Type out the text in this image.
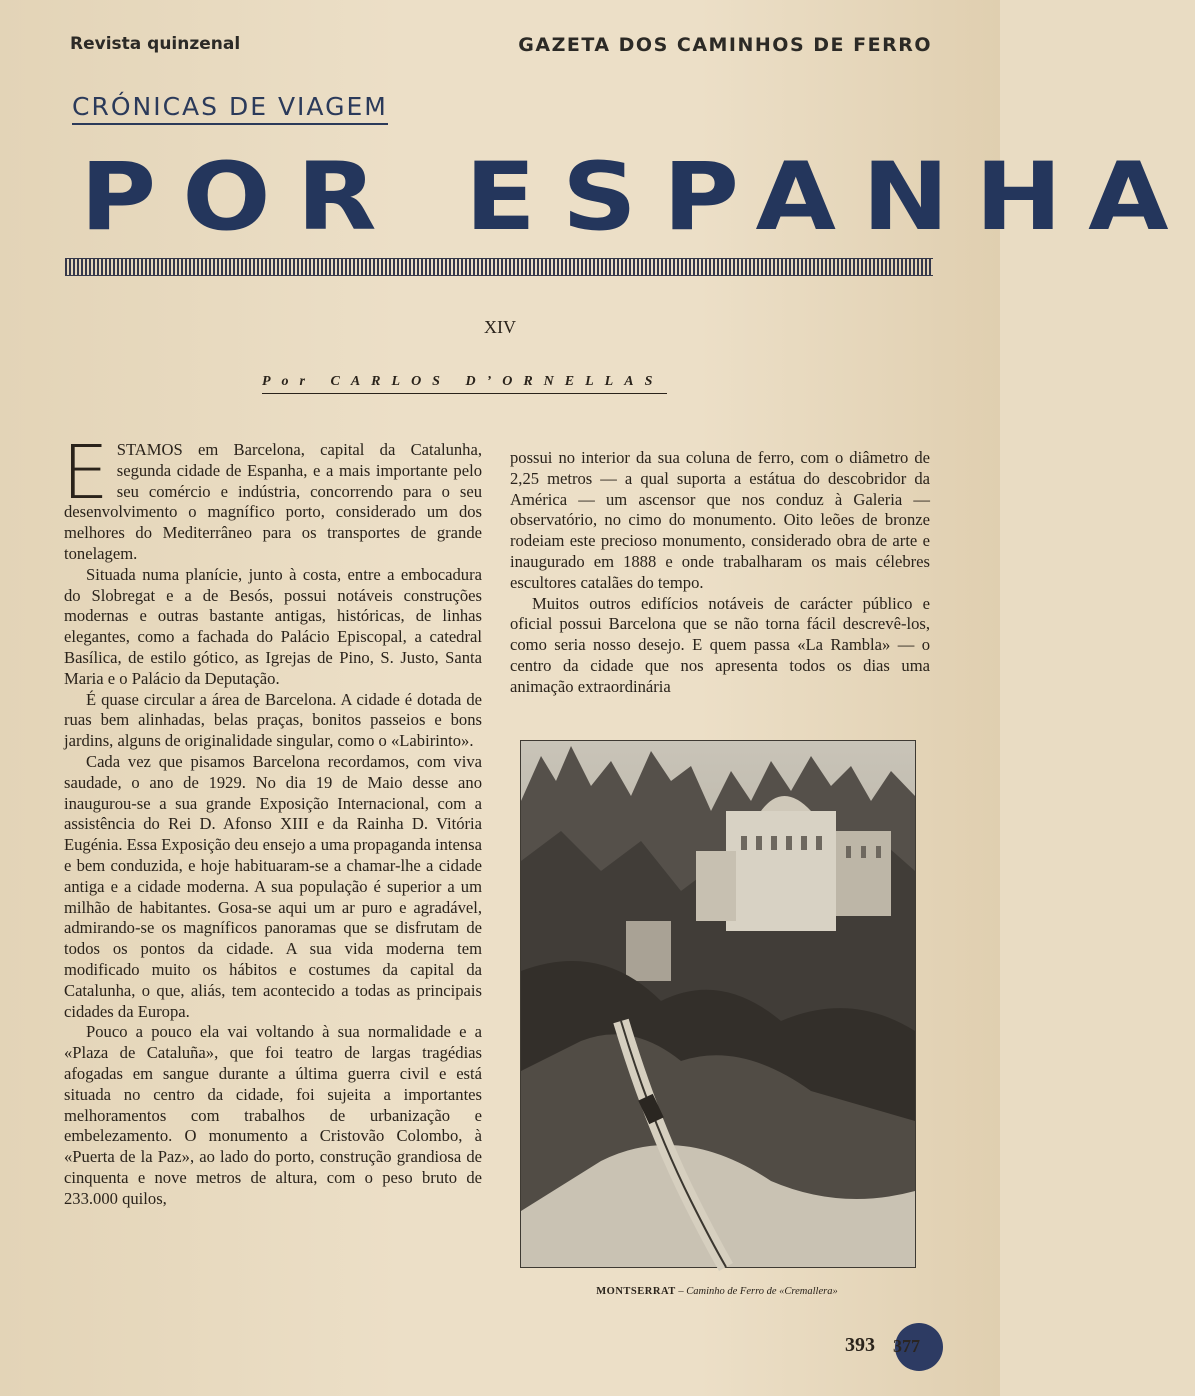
Revista quinzenal	GAZETA DOS CAMINHOS DE FERRO
CRÓNICAS DE VIAGEM
POR ESPANHA
XIV
Por CARLOS D’ORNELLAS

ESTAMOS em Barcelona, capital da Catalunha, segunda cidade de Espanha, e a mais importante pelo seu comércio e indústria, concorrendo para o seu desenvolvimento o magnífico porto, considerado um dos melhores do Mediterrâneo para os transportes de grande tonelagem.

Situada numa planície, junto à costa, entre a embocadura do Slobregat e a de Besós, possui notáveis construções modernas e outras bastante antigas, históricas, de linhas elegantes, como a fachada do Palácio Episcopal, a catedral Basílica, de estilo gótico, as Igrejas de Pino, S. Justo, Santa Maria e o Palácio da Deputação.

É quase circular a área de Barcelona. A cidade é dotada de ruas bem alinhadas, belas praças, bonitos passeios e bons jardins, alguns de originalidade singular, como o «Labirinto».

Cada vez que pisamos Barcelona recordamos, com viva saudade, o ano de 1929. No dia 19 de Maio desse ano inaugurou-se a sua grande Exposição Internacional, com a assistência do Rei D. Afonso XIII e da Rainha D. Vitória Eugénia. Essa Exposição deu ensejo a uma propaganda intensa e bem conduzida, e hoje habituaram-se a chamar-lhe a cidade antiga e a cidade moderna. A sua população é superior a um milhão de habitantes. Gosa-se aqui um ar puro e agradável, admirando-se os magníficos panoramas que se disfrutam de todos os pontos da cidade. A sua vida moderna tem modificado muito os hábitos e costumes da capital da Catalunha, o que, aliás, tem acontecido a todas as principais cidades da Europa.

Pouco a pouco ela vai voltando à sua normalidade e a «Plaza de Cataluña», que foi teatro de largas tragédias afogadas em sangue durante a última guerra civil e está situada no centro da cidade, foi sujeita a importantes melhoramentos com trabalhos de urbanização e embelezamento. O monumento a Cristovão Colombo, à «Puerta de la Paz», ao lado do porto, construção grandiosa de cinquenta e nove metros de altura, com o peso bruto de 233.000 quilos,

possui no interior da sua coluna de ferro, com o diâmetro de 2,25 metros — a qual suporta a estátua do descobridor da América — um ascensor que nos conduz à Galeria — observatório, no cimo do monumento. Oito leões de bronze rodeiam este precioso monumento, considerado obra de arte e inaugurado em 1888 e onde trabalharam os mais célebres escultores catalães do tempo.

Muitos outros edifícios notáveis de carácter público e oficial possui Barcelona que se não torna fácil descrevê-los, como seria nosso desejo. E quem passa «La Rambla» — o centro da cidade que nos apresenta todos os dias uma animação extraordinária

MONTSERRAT – Caminho de Ferro de «Cremallera»
393 377
